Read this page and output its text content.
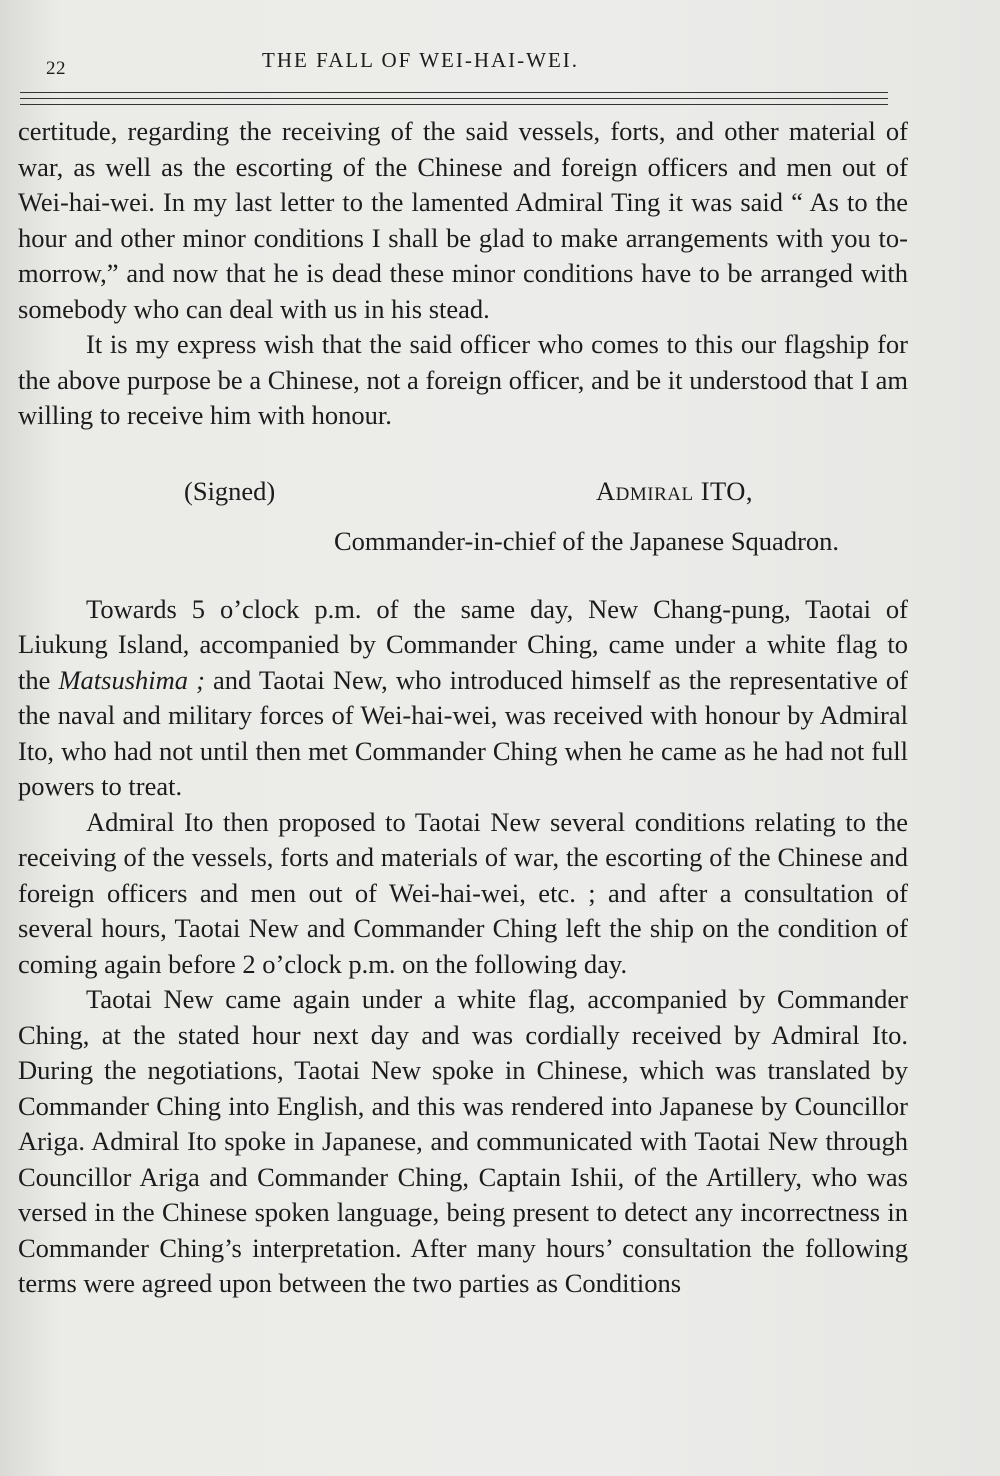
22	THE FALL OF WEI-HAI-WEI.

certitude, regarding the receiving of the said vessels, forts, and other material of war, as well as the escorting of the Chinese and foreign officers and men out of Wei-hai-wei. In my last letter to the lamented Admiral Ting it was said “ As to the hour and other minor conditions I shall be glad to make arrangements with you to-morrow,” and now that he is dead these minor conditions have to be arranged with somebody who can deal with us in his stead.

It is my express wish that the said officer who comes to this our flagship for the above purpose be a Chinese, not a foreign officer, and be it understood that I am willing to receive him with honour.

(Signed)	Admiral ITO,
Commander-in-chief of the Japanese Squadron.

Towards 5 o’clock p.m. of the same day, New Chang-pung, Taotai of Liukung Island, accompanied by Commander Ching, came under a white flag to the Matsushima ; and Taotai New, who introduced himself as the representative of the naval and military forces of Wei-hai-wei, was received with honour by Admiral Ito, who had not until then met Commander Ching when he came as he had not full powers to treat.

Admiral Ito then proposed to Taotai New several conditions relating to the receiving of the vessels, forts and materials of war, the escorting of the Chinese and foreign officers and men out of Wei-hai-wei, etc. ; and after a consultation of several hours, Taotai New and Commander Ching left the ship on the condition of coming again before 2 o’clock p.m. on the following day.

Taotai New came again under a white flag, accompanied by Commander Ching, at the stated hour next day and was cordially received by Admiral Ito. During the negotiations, Taotai New spoke in Chinese, which was translated by Commander Ching into English, and this was rendered into Japanese by Councillor Ariga. Admiral Ito spoke in Japanese, and communicated with Taotai New through Councillor Ariga and Commander Ching, Captain Ishii, of the Artillery, who was versed in the Chinese spoken language, being present to detect any incorrectness in Commander Ching’s interpretation. After many hours’ consultation the following terms were agreed upon between the two parties as Conditions
